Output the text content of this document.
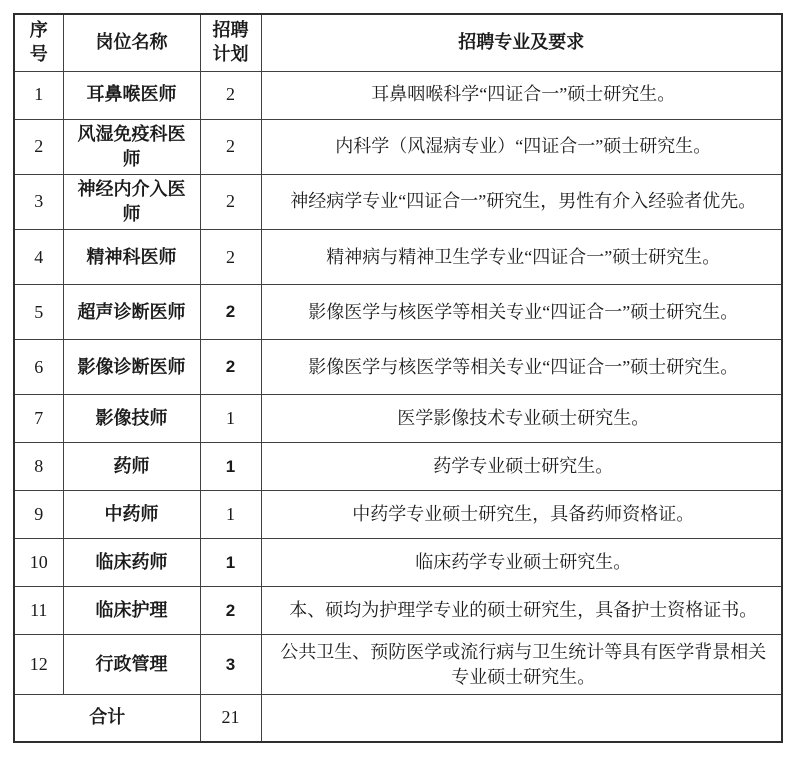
序号	岗位名称	招聘计划	招聘专业及要求
1	耳鼻喉医师	2	耳鼻咽喉科学“四证合一”硕士研究生。
2	风湿免疫科医师	2	内科学（风湿病专业）“四证合一”硕士研究生。
3	神经内介入医师	2	神经病学专业“四证合一”研究生，男性有介入经验者优先。
4	精神科医师	2	精神病与精神卫生学专业“四证合一”硕士研究生。
5	超声诊断医师	2	影像医学与核医学等相关专业“四证合一”硕士研究生。
6	影像诊断医师	2	影像医学与核医学等相关专业“四证合一”硕士研究生。
7	影像技师	1	医学影像技术专业硕士研究生。
8	药师	1	药学专业硕士研究生。
9	中药师	1	中药学专业硕士研究生，具备药师资格证。
10	临床药师	1	临床药学专业硕士研究生。
11	临床护理	2	本、硕均为护理学专业的硕士研究生，具备护士资格证书。
12	行政管理	3	公共卫生、预防医学或流行病与卫生统计等具有医学背景相关专业硕士研究生。
合计		21	
